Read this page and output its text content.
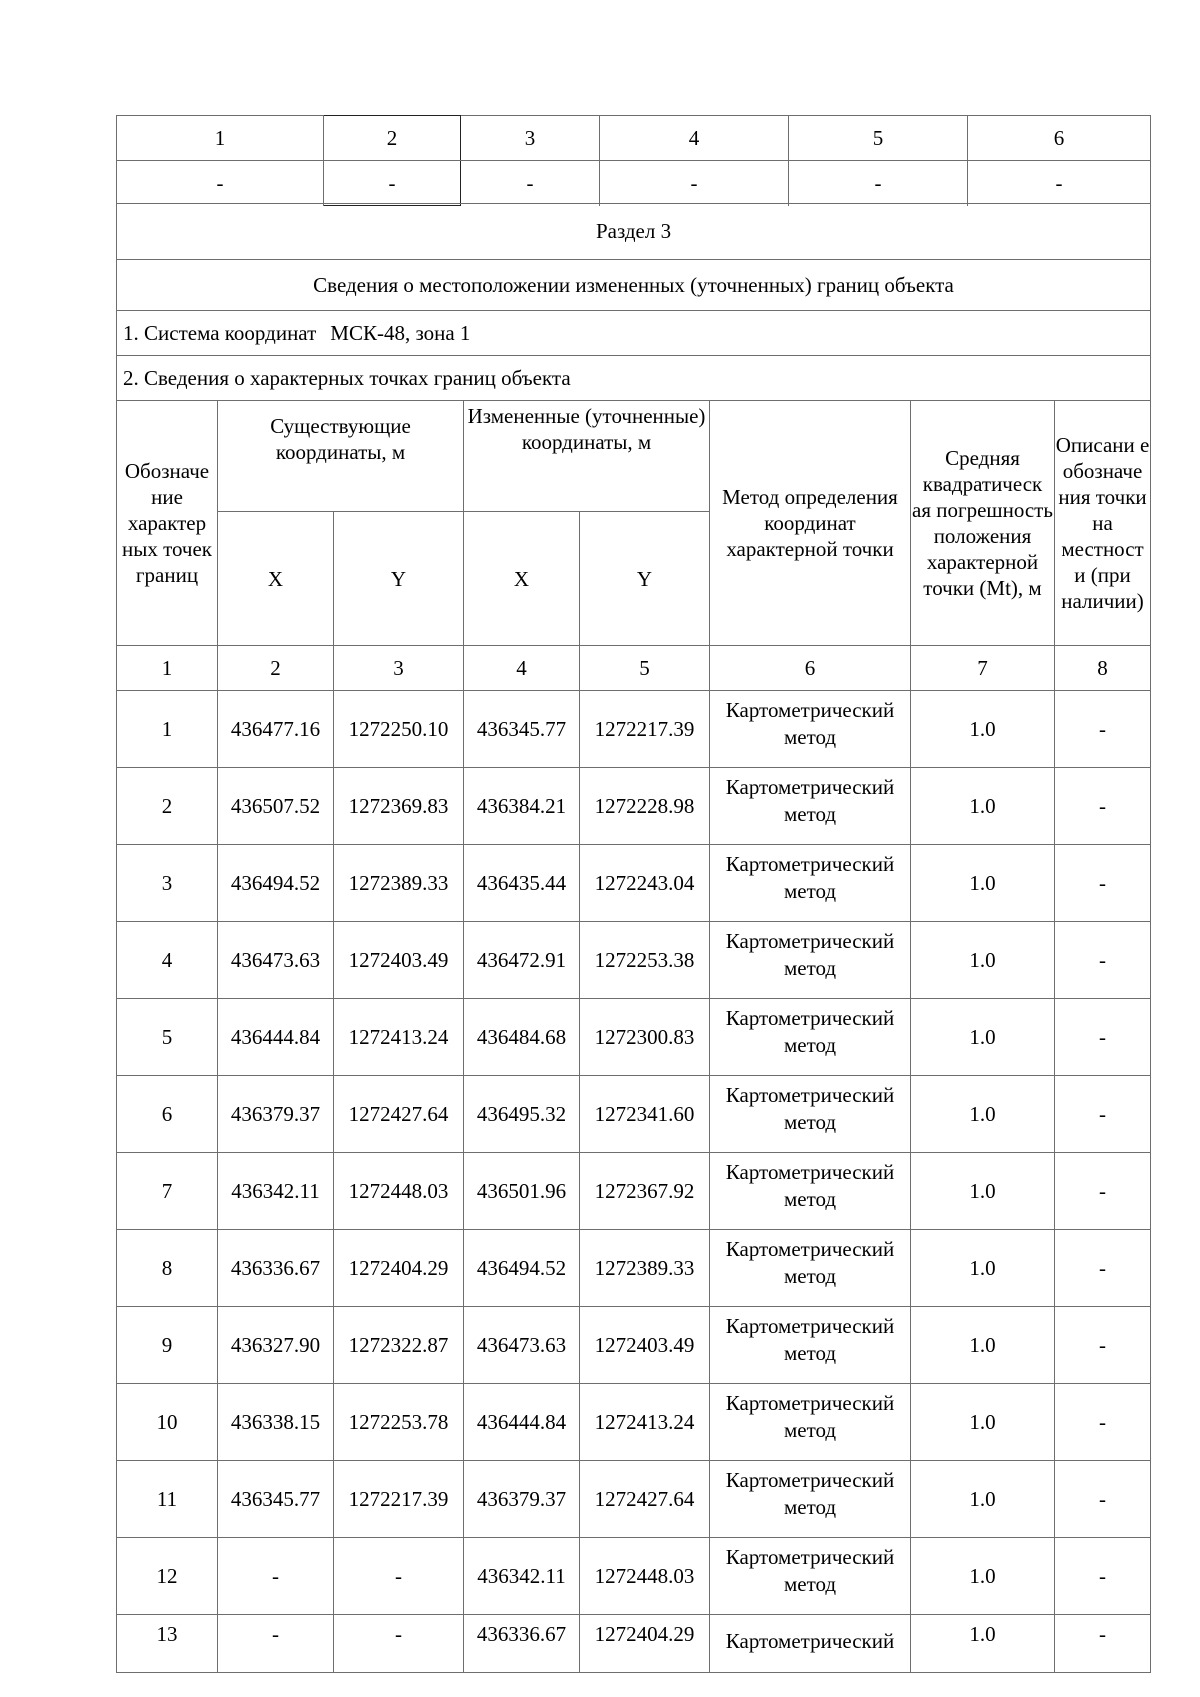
1	2	3	4	5	6
-	-	-	-	-	-
Раздел 3							
Сведения о местоположении измененных (уточненных) границ объекта							
1. Система координат МСК-48, зона 1							
2. Сведения о характерных точках границ объекта							
Обозначе ние характер ных точек границ	Существующие координаты, м		Измененные (уточненные) координаты, м		Метод определения координат характерной точки	Средняя квадратическ ая погрешность положения характерной точки (Mt), м	Описани е обозначе ния точки на местност и (при наличии)
	X	Y	X	Y			
1	2	3	4	5	6	7	8
1	436477.16	1272250.10	436345.77	1272217.39	Картометрический метод	1.0	-
2	436507.52	1272369.83	436384.21	1272228.98	Картометрический метод	1.0	-
3	436494.52	1272389.33	436435.44	1272243.04	Картометрический метод	1.0	-
4	436473.63	1272403.49	436472.91	1272253.38	Картометрический метод	1.0	-
5	436444.84	1272413.24	436484.68	1272300.83	Картометрический метод	1.0	-
6	436379.37	1272427.64	436495.32	1272341.60	Картометрический метод	1.0	-
7	436342.11	1272448.03	436501.96	1272367.92	Картометрический метод	1.0	-
8	436336.67	1272404.29	436494.52	1272389.33	Картометрический метод	1.0	-
9	436327.90	1272322.87	436473.63	1272403.49	Картометрический метод	1.0	-
10	436338.15	1272253.78	436444.84	1272413.24	Картометрический метод	1.0	-
11	436345.77	1272217.39	436379.37	1272427.64	Картометрический метод	1.0	-
12	-	-	436342.11	1272448.03	Картометрический метод	1.0	-
13	-	-	436336.67	1272404.29	Картометрический	1.0	-
